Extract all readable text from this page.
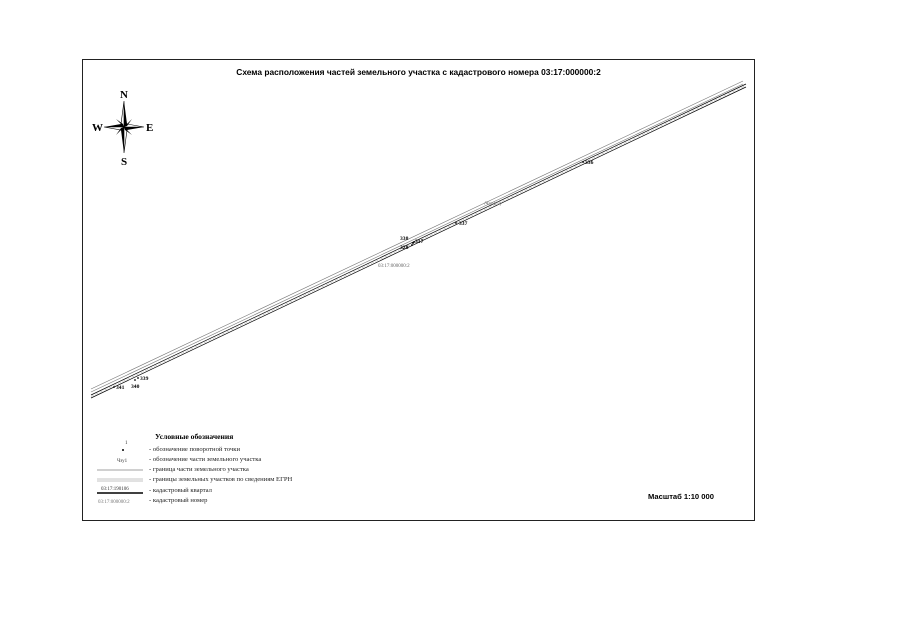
Схема расположения частей земельного участка с кадастрового номера 03:17:000000:2
N
S
W	E
341 340
339
338 317
328
337
336
/Чзу1(5)
03:17:000000:2
1
Чзу1
03:17:190106
03:17:000000:2
Условные обозначения
- обозначение поворотной точки
- обозначение части земельного участка
- граница части земельного участка
- границы земельных участков по сведениям ЕГРН
- кадастровый квартал
- кадастровый номер	Масштаб 1:10 000
